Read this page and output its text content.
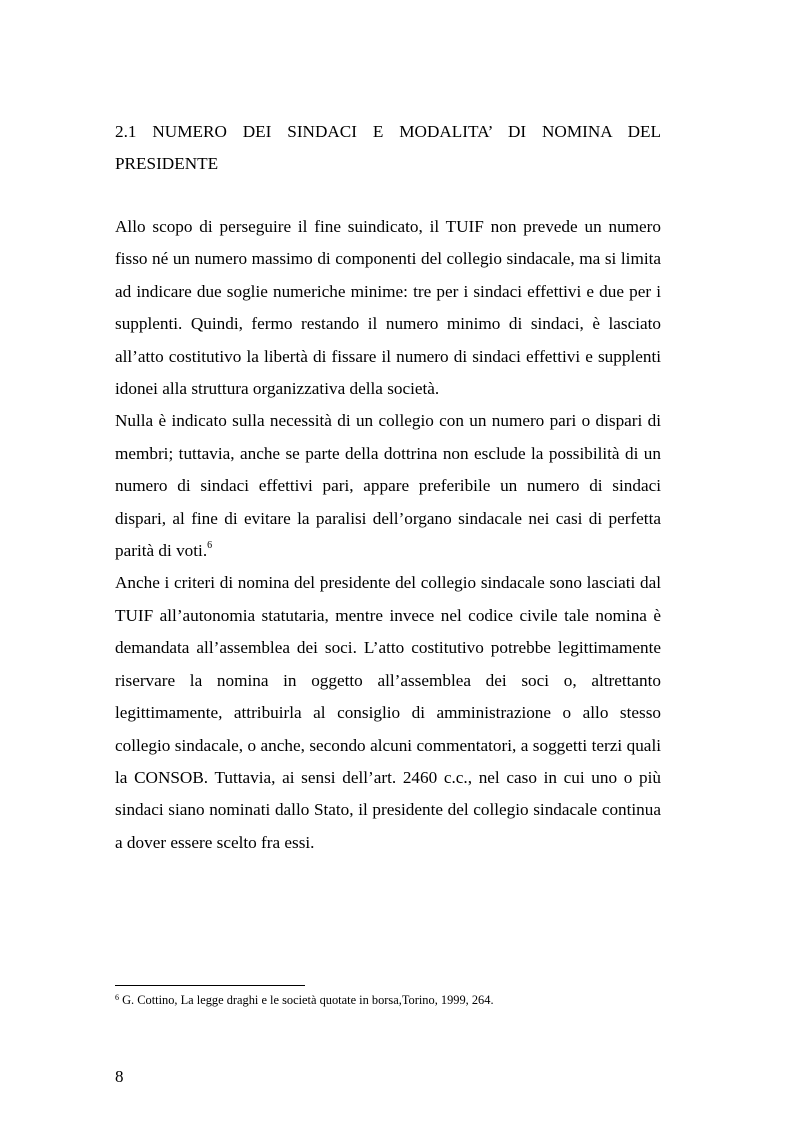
2.1 NUMERO DEI SINDACI E MODALITA’ DI NOMINA DEL
PRESIDENTE

Allo scopo di perseguire il fine suindicato, il TUIF non prevede un numero fisso né un numero massimo di componenti del collegio sindacale, ma si limita ad indicare due soglie numeriche minime: tre per i sindaci effettivi e due per i supplenti. Quindi, fermo restando il numero minimo di sindaci, è lasciato all’atto costitutivo la libertà di fissare il numero di sindaci effettivi e supplenti idonei alla struttura organizzativa della società.

Nulla è indicato sulla necessità di un collegio con un numero pari o dispari di membri; tuttavia, anche se parte della dottrina non esclude la possibilità di un numero di sindaci effettivi pari, appare preferibile un numero di sindaci dispari, al fine di evitare la paralisi dell’organo sindacale nei casi di perfetta parità di voti.$^6$

Anche i criteri di nomina del presidente del collegio sindacale sono lasciati dal TUIF all’autonomia statutaria, mentre invece nel codice civile tale nomina è demandata all’assemblea dei soci. L’atto costitutivo potrebbe legittimamente riservare la nomina in oggetto all’assemblea dei soci o, altrettanto legittimamente, attribuirla al consiglio di amministrazione o allo stesso collegio sindacale, o anche, secondo alcuni commentatori, a soggetti terzi quali la CONSOB. Tuttavia, ai sensi dell’art. 2460 c.c., nel caso in cui uno o più sindaci siano nominati dallo Stato, il presidente del collegio sindacale continua a dover essere scelto fra essi.

$^6$ G. Cottino, La legge draghi e le società quotate in borsa,Torino, 1999, 264.

8
